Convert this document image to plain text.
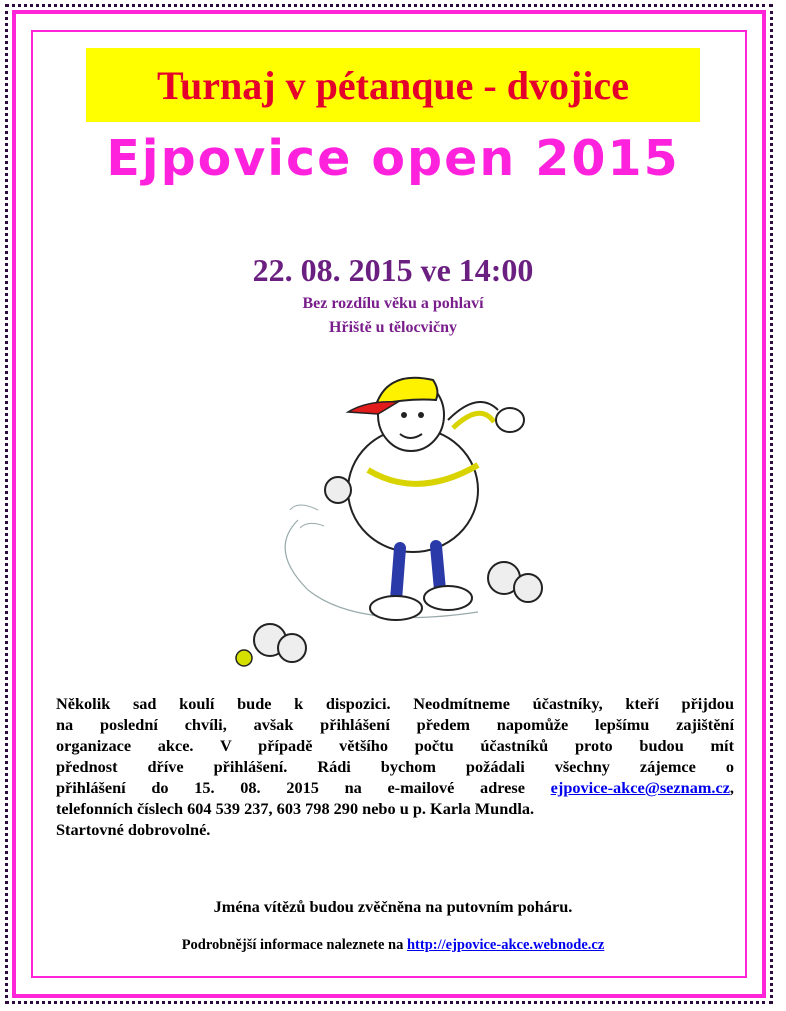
Turnaj v pétanque - dvojice
Ejpovice open 2015
22. 08. 2015 ve 14:00
Bez rozdílu věku a pohlaví
Hřiště u tělocvičny
Několik sad koulí bude k dispozici. Neodmítneme účastníky, kteří přijdou
na poslední chvíli, avšak přihlášení předem napomůže lepšímu zajištění
organizace akce. V případě většího počtu účastníků proto budou mít
přednost dříve přihlášení. Rádi bychom požádali všechny zájemce o
přihlášení do 15. 08. 2015 na e-mailové adrese ejpovice-akce@seznam.cz,
telefonních číslech 604 539 237, 603 798 290 nebo u p. Karla Mundla.
Startovné dobrovolné.
Jména vítězů budou zvěčněna na putovním poháru.
Podrobnější informace naleznete na http://ejpovice-akce.webnode.cz
